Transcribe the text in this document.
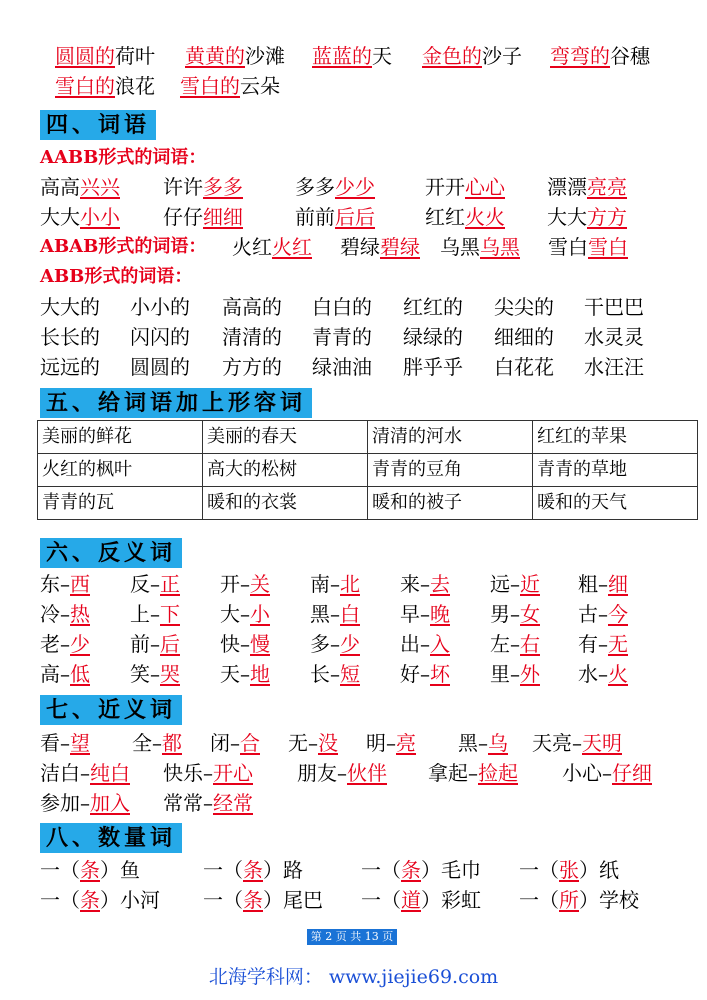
圆圆的荷叶 黄黄的沙滩 蓝蓝的天 金色的沙子 弯弯的谷穗
雪白的浪花 雪白的云朵
四、词语
AABB形式的词语：
高高兴兴 许许多多	多多少少	开开心心 漂漂亮亮
大大小小 仔仔细细	前前后后	红红火火 大大方方
ABAB形式的词语： 火红火红 碧绿碧绿 乌黑乌黑 雪白雪白
ABB形式的词语：
大大的 小小的 高高的 白白的 红红的 尖尖的 干巴巴
长长的 闪闪的 清清的 青青的 绿绿的 细细的 水灵灵
远远的 圆圆的 方方的 绿油油 胖乎乎 白花花 水汪汪
五、给词语加上形容词
美丽的鲜花	美丽的春天	清清的河水	红红的苹果
火红的枫叶	高大的松树	青青的豆角	青青的草地
青青的瓦	暖和的衣裳	暖和的被子	暖和的天气
六、反义词
东–西 反–正 开–关 南–北 来–去 远–近 粗–细
冷–热 上–下 大–小 黑–白 早–晚 男–女 古–今
老–少 前–后 快–慢 多–少 出–入 左–右 有–无
高–低 笑–哭 天–地 长–短 好–坏 里–外 水–火
七、近义词
看–望 全–都 闭–合 无–没 明–亮 黑–乌 天亮–天明
洁白–纯白 快乐–开心 朋友–伙伴 拿起–捡起 小心–仔细
参加–加入 常常–经常
八、数量词
一（条）鱼	一（条）路	一（条）毛巾 一（张）纸
一（条）小河 一（条）尾巴 一（道）彩虹 一（所）学校
第 2 页 共 13 页
北海学科网： www.jiejie69.com
